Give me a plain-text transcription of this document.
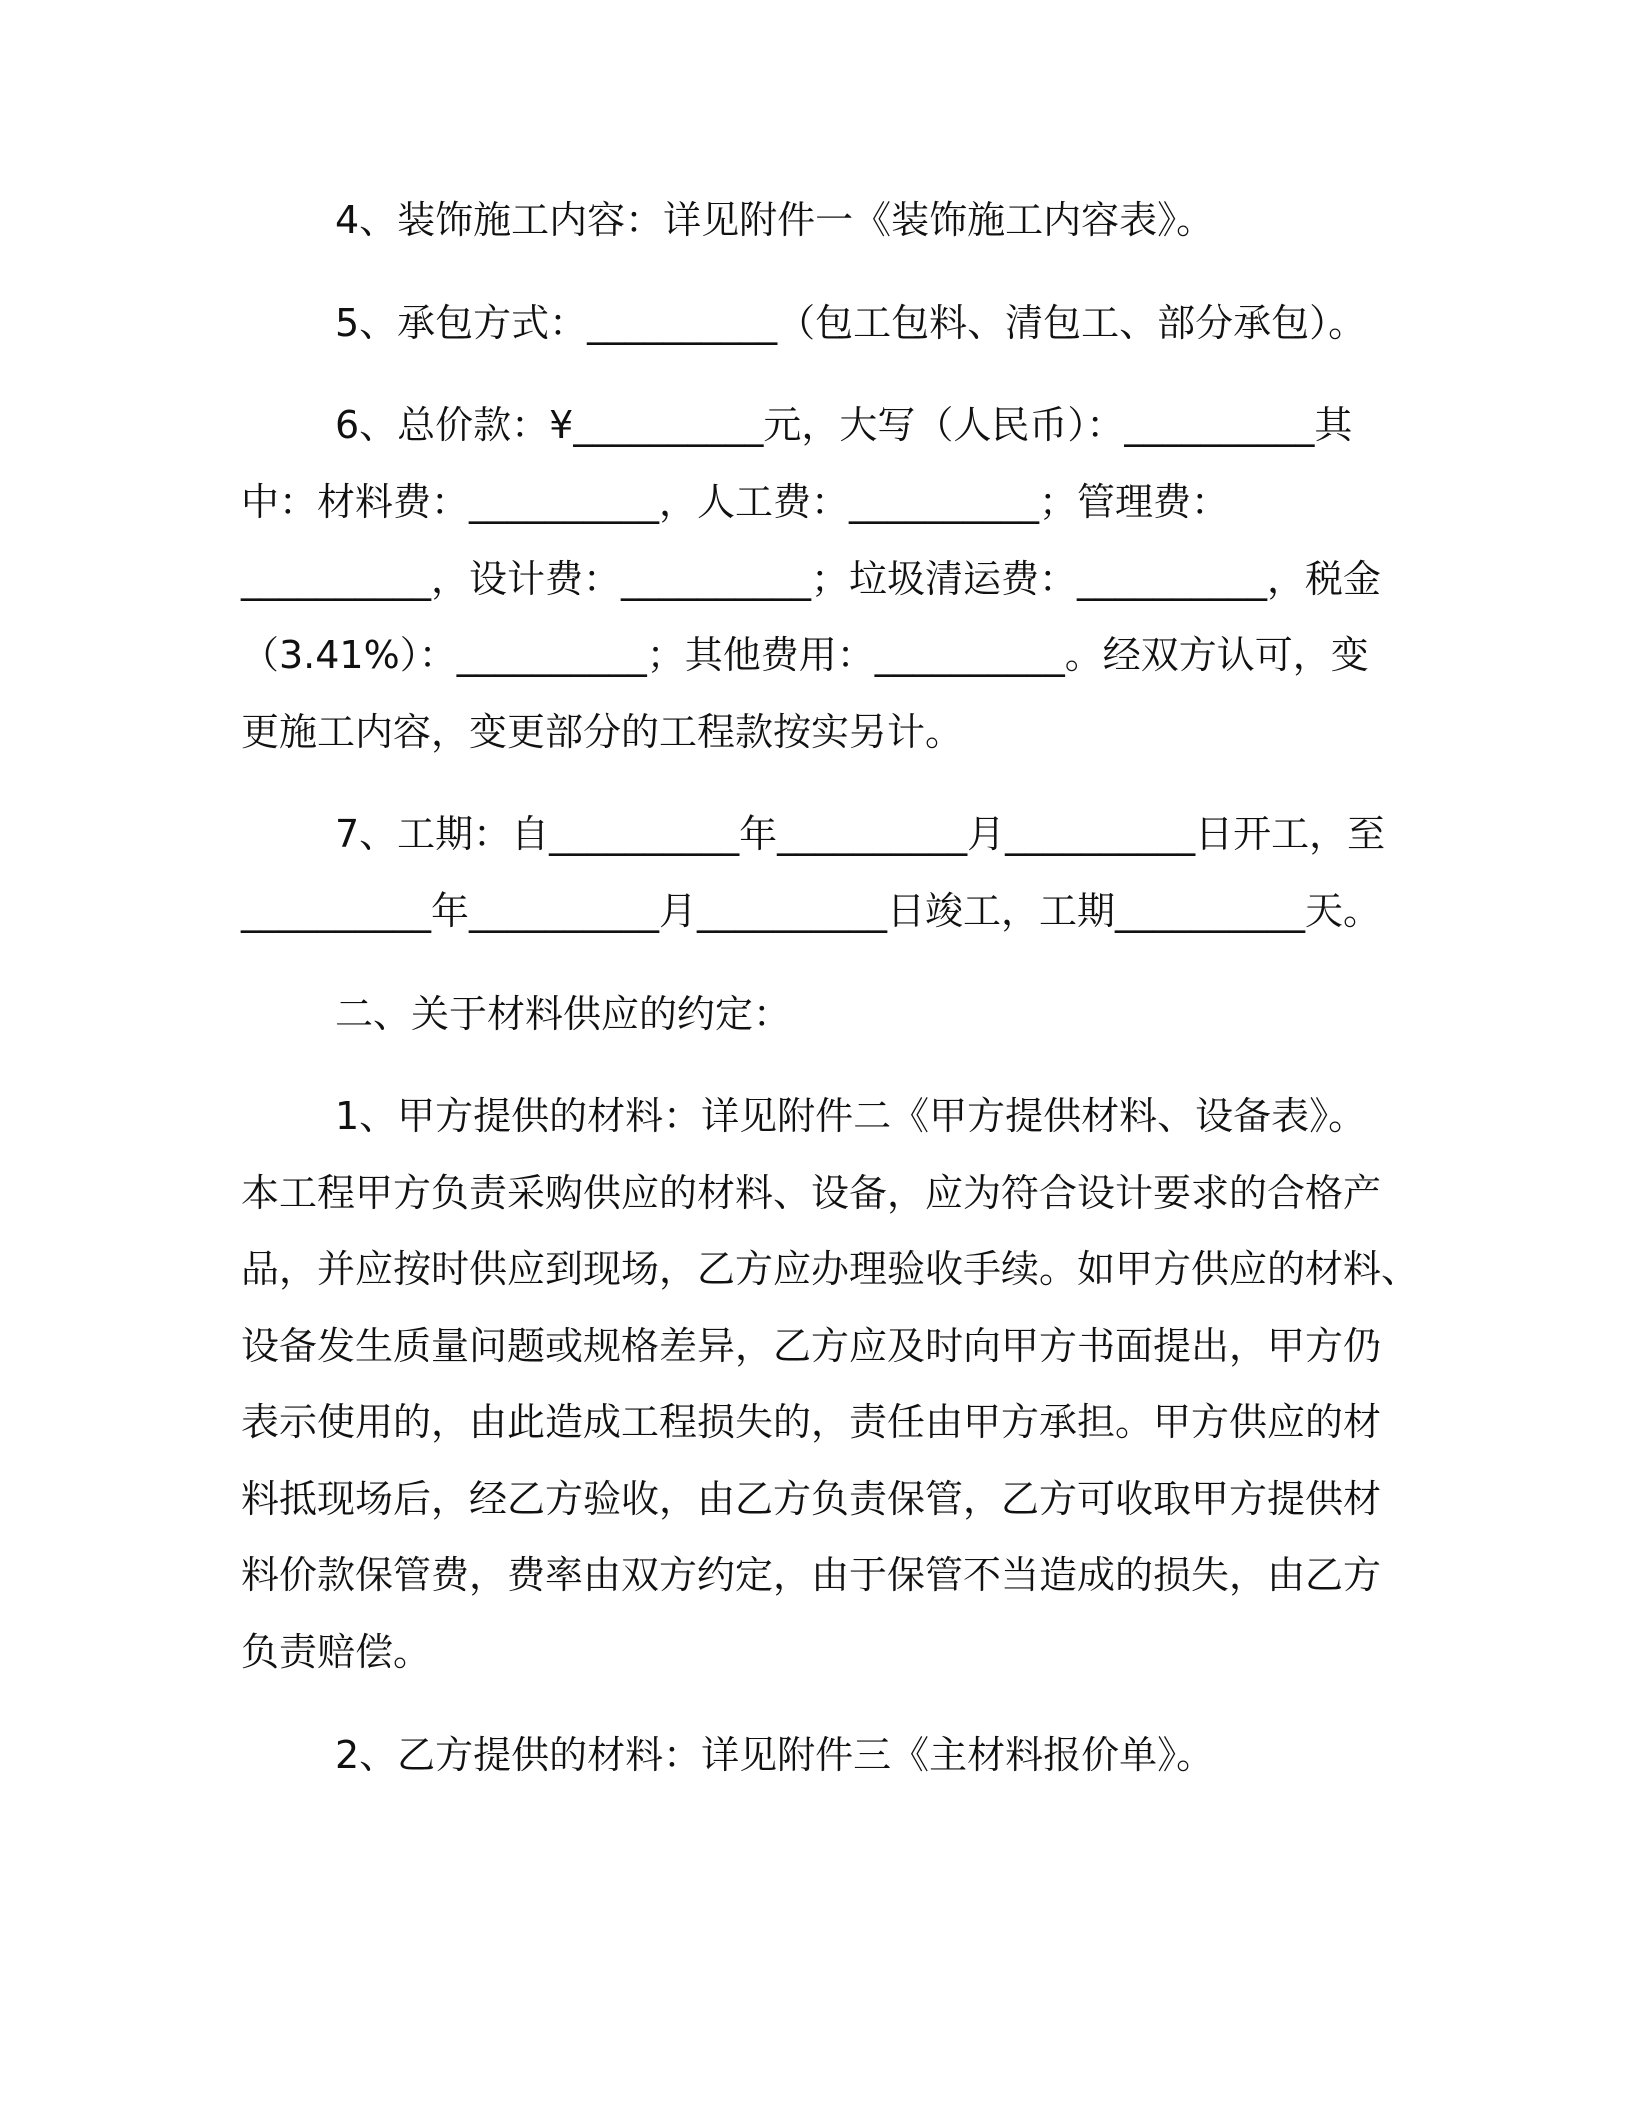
4、装饰施工内容：详见附件一《装饰施工内容表》。
5、承包方式：__________（包工包料、清包工、部分承包）。
6、总价款：¥__________元，大写（人民币）：__________其
中：材料费：__________，人工费：__________；管理费：
__________，设计费：__________；垃圾清运费：__________，税金
（3.41%）：__________；其他费用：__________。经双方认可，变
更施工内容，变更部分的工程款按实另计。
7、工期：自__________年__________月__________日开工，至
__________年__________月__________日竣工，工期__________天。
二、关于材料供应的约定：
1、甲方提供的材料：详见附件二《甲方提供材料、设备表》。
本工程甲方负责采购供应的材料、设备，应为符合设计要求的合格产
品，并应按时供应到现场，乙方应办理验收手续。如甲方供应的材料、
设备发生质量问题或规格差异，乙方应及时向甲方书面提出，甲方仍
表示使用的，由此造成工程损失的，责任由甲方承担。甲方供应的材
料抵现场后，经乙方验收，由乙方负责保管，乙方可收取甲方提供材
料价款保管费，费率由双方约定，由于保管不当造成的损失，由乙方
负责赔偿。
2、乙方提供的材料：详见附件三《主材料报价单》。
